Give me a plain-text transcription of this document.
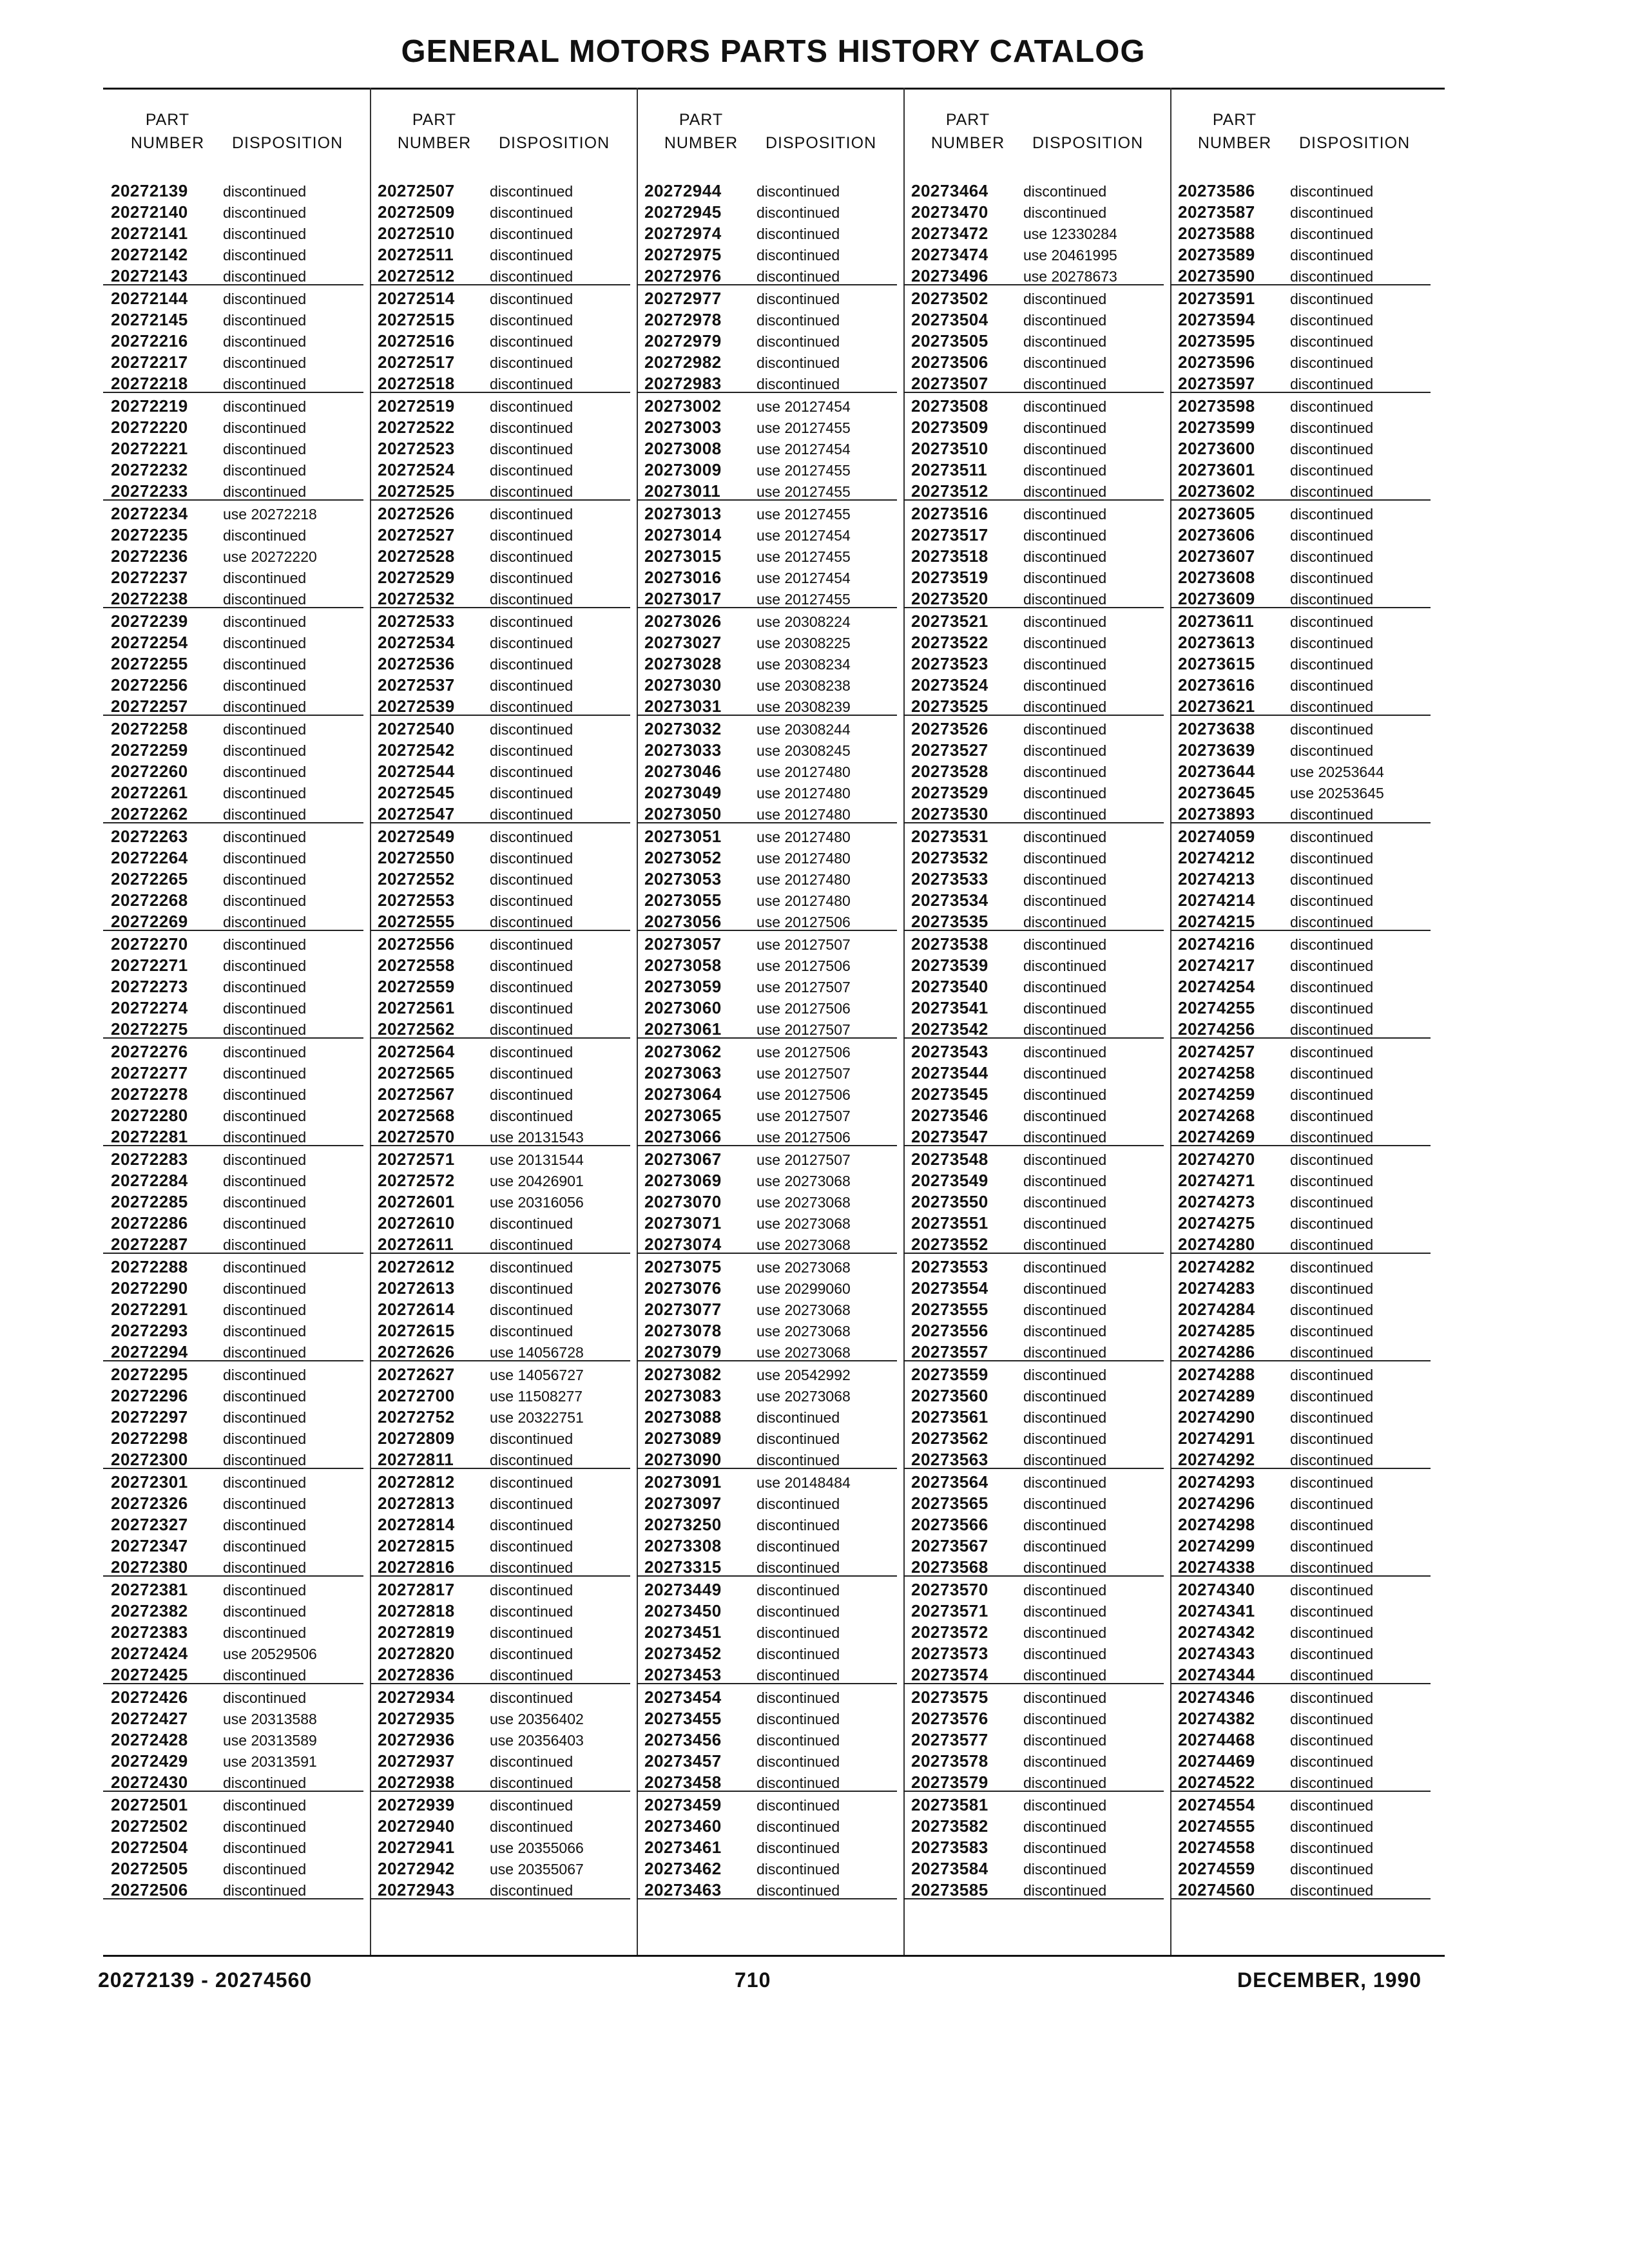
GENERAL MOTORS PARTS HISTORY CATALOG
PART
NUMBER	DISPOSITION
PART
NUMBER	DISPOSITION
PART
NUMBER	DISPOSITION
PART
NUMBER	DISPOSITION
PART
NUMBER	DISPOSITION
20272139 discontinued
20272140 discontinued
20272141 discontinued
20272142 discontinued
20272143 discontinued
20272144 discontinued
20272145 discontinued
20272216 discontinued
20272217 discontinued
20272218 discontinued
20272219 discontinued
20272220 discontinued
20272221 discontinued
20272232 discontinued
20272233 discontinued
20272234 use 20272218
20272235 discontinued
20272236 use 20272220
20272237 discontinued
20272238 discontinued
20272239 discontinued
20272254 discontinued
20272255 discontinued
20272256 discontinued
20272257 discontinued
20272258 discontinued
20272259 discontinued
20272260 discontinued
20272261 discontinued
20272262 discontinued
20272263 discontinued
20272264 discontinued
20272265 discontinued
20272268 discontinued
20272269 discontinued
20272270 discontinued
20272271 discontinued
20272273 discontinued
20272274 discontinued
20272275 discontinued
20272276 discontinued
20272277 discontinued
20272278 discontinued
20272280 discontinued
20272281 discontinued
20272283 discontinued
20272284 discontinued
20272285 discontinued
20272286 discontinued
20272287 discontinued
20272288 discontinued
20272290 discontinued
20272291 discontinued
20272293 discontinued
20272294 discontinued
20272295 discontinued
20272296 discontinued
20272297 discontinued
20272298 discontinued
20272300 discontinued
20272301 discontinued
20272326 discontinued
20272327 discontinued
20272347 discontinued
20272380 discontinued
20272381 discontinued
20272382 discontinued
20272383 discontinued
20272424 use 20529506
20272425 discontinued
20272426 discontinued
20272427 use 20313588
20272428 use 20313589
20272429 use 20313591
20272430 discontinued
20272501 discontinued
20272502 discontinued
20272504 discontinued
20272505 discontinued
20272506 discontinued
20272507 discontinued
20272509 discontinued
20272510 discontinued
20272511 discontinued
20272512 discontinued
20272514 discontinued
20272515 discontinued
20272516 discontinued
20272517 discontinued
20272518 discontinued
20272519 discontinued
20272522 discontinued
20272523 discontinued
20272524 discontinued
20272525 discontinued
20272526 discontinued
20272527 discontinued
20272528 discontinued
20272529 discontinued
20272532 discontinued
20272533 discontinued
20272534 discontinued
20272536 discontinued
20272537 discontinued
20272539 discontinued
20272540 discontinued
20272542 discontinued
20272544 discontinued
20272545 discontinued
20272547 discontinued
20272549 discontinued
20272550 discontinued
20272552 discontinued
20272553 discontinued
20272555 discontinued
20272556 discontinued
20272558 discontinued
20272559 discontinued
20272561 discontinued
20272562 discontinued
20272564 discontinued
20272565 discontinued
20272567 discontinued
20272568 discontinued
20272570 use 20131543
20272571 use 20131544
20272572 use 20426901
20272601 use 20316056
20272610 discontinued
20272611 discontinued
20272612 discontinued
20272613 discontinued
20272614 discontinued
20272615 discontinued
20272626 use 14056728
20272627 use 14056727
20272700 use 11508277
20272752 use 20322751
20272809 discontinued
20272811 discontinued
20272812 discontinued
20272813 discontinued
20272814 discontinued
20272815 discontinued
20272816 discontinued
20272817 discontinued
20272818 discontinued
20272819 discontinued
20272820 discontinued
20272836 discontinued
20272934 discontinued
20272935 use 20356402
20272936 use 20356403
20272937 discontinued
20272938 discontinued
20272939 discontinued
20272940 discontinued
20272941 use 20355066
20272942 use 20355067
20272943 discontinued
20272944 discontinued
20272945 discontinued
20272974 discontinued
20272975 discontinued
20272976 discontinued
20272977 discontinued
20272978 discontinued
20272979 discontinued
20272982 discontinued
20272983 discontinued
20273002 use 20127454
20273003 use 20127455
20273008 use 20127454
20273009 use 20127455
20273011 use 20127455
20273013 use 20127455
20273014 use 20127454
20273015 use 20127455
20273016 use 20127454
20273017 use 20127455
20273026 use 20308224
20273027 use 20308225
20273028 use 20308234
20273030 use 20308238
20273031 use 20308239
20273032 use 20308244
20273033 use 20308245
20273046 use 20127480
20273049 use 20127480
20273050 use 20127480
20273051 use 20127480
20273052 use 20127480
20273053 use 20127480
20273055 use 20127480
20273056 use 20127506
20273057 use 20127507
20273058 use 20127506
20273059 use 20127507
20273060 use 20127506
20273061 use 20127507
20273062 use 20127506
20273063 use 20127507
20273064 use 20127506
20273065 use 20127507
20273066 use 20127506
20273067 use 20127507
20273069 use 20273068
20273070 use 20273068
20273071 use 20273068
20273074 use 20273068
20273075 use 20273068
20273076 use 20299060
20273077 use 20273068
20273078 use 20273068
20273079 use 20273068
20273082 use 20542992
20273083 use 20273068
20273088 discontinued
20273089 discontinued
20273090 discontinued
20273091 use 20148484
20273097 discontinued
20273250 discontinued
20273308 discontinued
20273315 discontinued
20273449 discontinued
20273450 discontinued
20273451 discontinued
20273452 discontinued
20273453 discontinued
20273454 discontinued
20273455 discontinued
20273456 discontinued
20273457 discontinued
20273458 discontinued
20273459 discontinued
20273460 discontinued
20273461 discontinued
20273462 discontinued
20273463 discontinued
20273464 discontinued
20273470 discontinued
20273472 use 12330284
20273474 use 20461995
20273496 use 20278673
20273502 discontinued
20273504 discontinued
20273505 discontinued
20273506 discontinued
20273507 discontinued
20273508 discontinued
20273509 discontinued
20273510 discontinued
20273511 discontinued
20273512 discontinued
20273516 discontinued
20273517 discontinued
20273518 discontinued
20273519 discontinued
20273520 discontinued
20273521 discontinued
20273522 discontinued
20273523 discontinued
20273524 discontinued
20273525 discontinued
20273526 discontinued
20273527 discontinued
20273528 discontinued
20273529 discontinued
20273530 discontinued
20273531 discontinued
20273532 discontinued
20273533 discontinued
20273534 discontinued
20273535 discontinued
20273538 discontinued
20273539 discontinued
20273540 discontinued
20273541 discontinued
20273542 discontinued
20273543 discontinued
20273544 discontinued
20273545 discontinued
20273546 discontinued
20273547 discontinued
20273548 discontinued
20273549 discontinued
20273550 discontinued
20273551 discontinued
20273552 discontinued
20273553 discontinued
20273554 discontinued
20273555 discontinued
20273556 discontinued
20273557 discontinued
20273559 discontinued
20273560 discontinued
20273561 discontinued
20273562 discontinued
20273563 discontinued
20273564 discontinued
20273565 discontinued
20273566 discontinued
20273567 discontinued
20273568 discontinued
20273570 discontinued
20273571 discontinued
20273572 discontinued
20273573 discontinued
20273574 discontinued
20273575 discontinued
20273576 discontinued
20273577 discontinued
20273578 discontinued
20273579 discontinued
20273581 discontinued
20273582 discontinued
20273583 discontinued
20273584 discontinued
20273585 discontinued
20273586 discontinued
20273587 discontinued
20273588 discontinued
20273589 discontinued
20273590 discontinued
20273591 discontinued
20273594 discontinued
20273595 discontinued
20273596 discontinued
20273597 discontinued
20273598 discontinued
20273599 discontinued
20273600 discontinued
20273601 discontinued
20273602 discontinued
20273605 discontinued
20273606 discontinued
20273607 discontinued
20273608 discontinued
20273609 discontinued
20273611 discontinued
20273613 discontinued
20273615 discontinued
20273616 discontinued
20273621 discontinued
20273638 discontinued
20273639 discontinued
20273644 use 20253644
20273645 use 20253645
20273893 discontinued
20274059 discontinued
20274212 discontinued
20274213 discontinued
20274214 discontinued
20274215 discontinued
20274216 discontinued
20274217 discontinued
20274254 discontinued
20274255 discontinued
20274256 discontinued
20274257 discontinued
20274258 discontinued
20274259 discontinued
20274268 discontinued
20274269 discontinued
20274270 discontinued
20274271 discontinued
20274273 discontinued
20274275 discontinued
20274280 discontinued
20274282 discontinued
20274283 discontinued
20274284 discontinued
20274285 discontinued
20274286 discontinued
20274288 discontinued
20274289 discontinued
20274290 discontinued
20274291 discontinued
20274292 discontinued
20274293 discontinued
20274296 discontinued
20274298 discontinued
20274299 discontinued
20274338 discontinued
20274340 discontinued
20274341 discontinued
20274342 discontinued
20274343 discontinued
20274344 discontinued
20274346 discontinued
20274382 discontinued
20274468 discontinued
20274469 discontinued
20274522 discontinued
20274554 discontinued
20274555 discontinued
20274558 discontinued
20274559 discontinued
20274560 discontinued
20272139 - 20274560	710	DECEMBER, 1990
